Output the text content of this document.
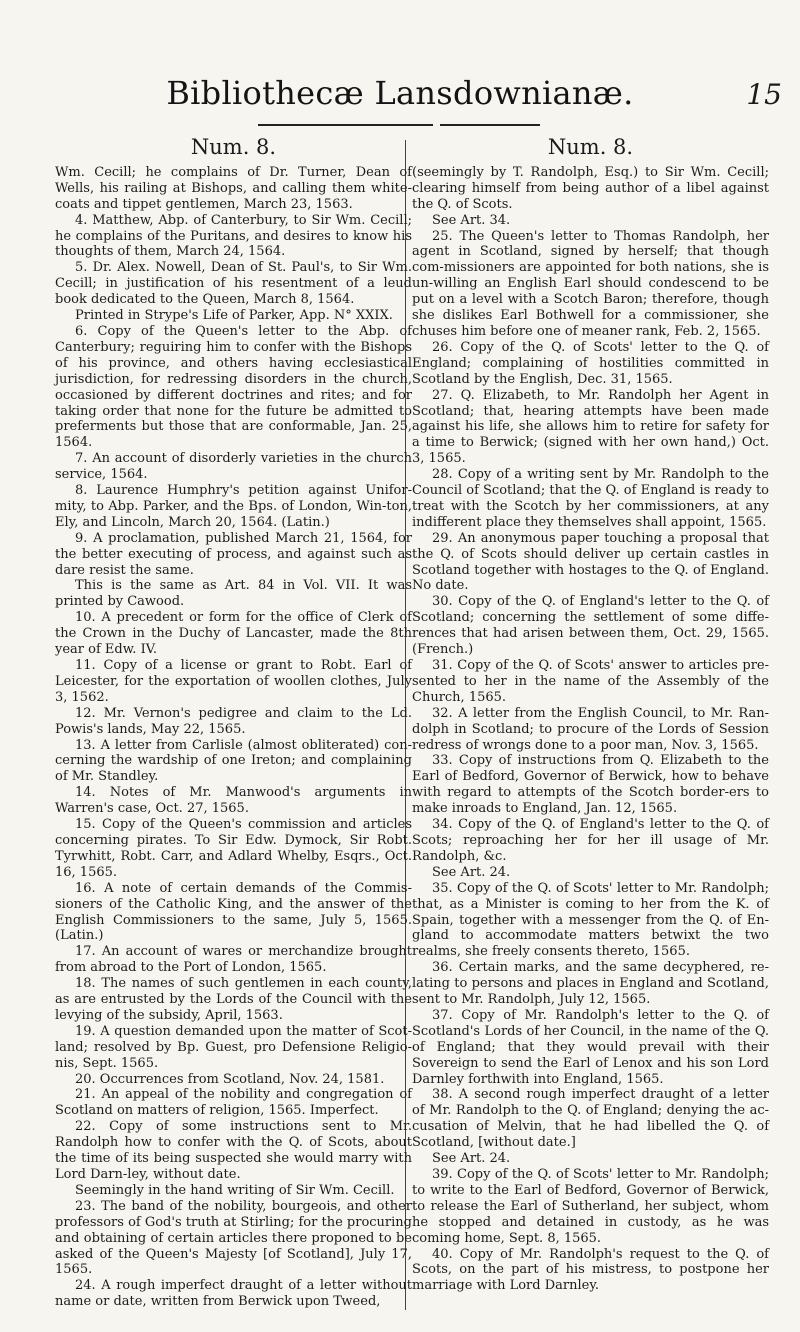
Bibliothecæ Lansdownianæ.	15
Num. 8.

Wm. Cecill; he complains of Dr. Turner, Dean of Wells, his railing at Bishops, and calling them white-coats and tippet gentlemen, March 23, 1563.

4. Matthew, Abp. of Canterbury, to Sir Wm. Cecill; he complains of the Puritans, and desires to know his thoughts of them, March 24, 1564.

5. Dr. Alex. Nowell, Dean of St. Paul's, to Sir Wm. Cecill; in justification of his resentment of a leud book dedicated to the Queen, March 8, 1564.

Printed in Strype's Life of Parker, App. N° XXIX.

6. Copy of the Queen's letter to the Abp. of Canterbury; reguiring him to confer with the Bishops of his province, and others having ecclesiastical jurisdiction, for redressing disorders in the church, occasioned by different doctrines and rites; and for taking order that none for the future be admitted to preferments but those that are conformable, Jan. 25, 1564.

7. An account of disorderly varieties in the church service, 1564.

8. Laurence Humphry's petition against Unifor-mity, to Abp. Parker, and the Bps. of London, Win-ton, Ely, and Lincoln, March 20, 1564. (Latin.)

9. A proclamation, published March 21, 1564, for the better executing of process, and against such as dare resist the same.

This is the same as Art. 84 in Vol. VII. It was printed by Cawood.

10. A precedent or form for the office of Clerk of the Crown in the Duchy of Lancaster, made the 8th year of Edw. IV.

11. Copy of a license or grant to Robt. Earl of Leicester, for the exportation of woollen clothes, July 3, 1562.

12. Mr. Vernon's pedigree and claim to the Ld. Powis's lands, May 22, 1565.

13. A letter from Carlisle (almost obliterated) con-cerning the wardship of one Ireton; and complaining of Mr. Standley.

14. Notes of Mr. Manwood's arguments in Warren's case, Oct. 27, 1565.

15. Copy of the Queen's commission and articles concerning pirates. To Sir Edw. Dymock, Sir Robt. Tyrwhitt, Robt. Carr, and Adlard Whelby, Esqrs., Oct. 16, 1565.

16. A note of certain demands of the Commis-sioners of the Catholic King, and the answer of the English Commissioners to the same, July 5, 1565. (Latin.)

17. An account of wares or merchandize brought from abroad to the Port of London, 1565.

18. The names of such gentlemen in each county, as are entrusted by the Lords of the Council with the levying of the subsidy, April, 1563.

19. A question demanded upon the matter of Scot-land; resolved by Bp. Guest, pro Defensione Religio-nis, Sept. 1565.

20. Occurrences from Scotland, Nov. 24, 1581.

21. An appeal of the nobility and congregation of Scotland on matters of religion, 1565. Imperfect.

22. Copy of some instructions sent to Mr. Randolph how to confer with the Q. of Scots, about the time of its being suspected she would marry with Lord Darn-ley, without date.

Seemingly in the hand writing of Sir Wm. Cecill.

23. The band of the nobility, bourgeois, and other professors of God's truth at Stirling; for the procuring and obtaining of certain articles there proponed to be asked of the Queen's Majesty [of Scotland], July 17, 1565.

24. A rough imperfect draught of a letter without name or date, written from Berwick upon Tweed,

Num. 8.

(seemingly by T. Randolph, Esq.) to Sir Wm. Cecill; clearing himself from being author of a libel against the Q. of Scots.

See Art. 34.

25. The Queen's letter to Thomas Randolph, her agent in Scotland, signed by herself; that though com-missioners are appointed for both nations, she is un-willing an English Earl should condescend to be put on a level with a Scotch Baron; therefore, though she dislikes Earl Bothwell for a commissioner, she chuses him before one of meaner rank, Feb. 2, 1565.

26. Copy of the Q. of Scots' letter to the Q. of England; complaining of hostilities committed in Scotland by the English, Dec. 31, 1565.

27. Q. Elizabeth, to Mr. Randolph her Agent in Scotland; that, hearing attempts have been made against his life, she allows him to retire for safety for a time to Berwick; (signed with her own hand,) Oct. 3, 1565.

28. Copy of a writing sent by Mr. Randolph to the Council of Scotland; that the Q. of England is ready to treat with the Scotch by her commissioners, at any indifferent place they themselves shall appoint, 1565.

29. An anonymous paper touching a proposal that the Q. of Scots should deliver up certain castles in Scotland together with hostages to the Q. of England. No date.

30. Copy of the Q. of England's letter to the Q. of Scotland; concerning the settlement of some diffe-rences that had arisen between them, Oct. 29, 1565. (French.)

31. Copy of the Q. of Scots' answer to articles pre-sented to her in the name of the Assembly of the Church, 1565.

32. A letter from the English Council, to Mr. Ran-dolph in Scotland; to procure of the Lords of Session redress of wrongs done to a poor man, Nov. 3, 1565.

33. Copy of instructions from Q. Elizabeth to the Earl of Bedford, Governor of Berwick, how to behave with regard to attempts of the Scotch border-ers to make inroads to England, Jan. 12, 1565.

34. Copy of the Q. of England's letter to the Q. of Scots; reproaching her for her ill usage of Mr. Randolph, &c.

See Art. 24.

35. Copy of the Q. of Scots' letter to Mr. Randolph; that, as a Minister is coming to her from the K. of Spain, together with a messenger from the Q. of En-gland to accommodate matters betwixt the two realms, she freely consents thereto, 1565.

36. Certain marks, and the same decyphered, re-lating to persons and places in England and Scotland, sent to Mr. Randolph, July 12, 1565.

37. Copy of Mr. Randolph's letter to the Q. of Scotland's Lords of her Council, in the name of the Q. of England; that they would prevail with their Sovereign to send the Earl of Lenox and his son Lord Darnley forthwith into England, 1565.

38. A second rough imperfect draught of a letter of Mr. Randolph to the Q. of England; denying the ac-cusation of Melvin, that he had libelled the Q. of Scotland, [without date.]

See Art. 24.

39. Copy of the Q. of Scots' letter to Mr. Randolph; to write to the Earl of Bedford, Governor of Berwick, to release the Earl of Sutherland, her subject, whom he stopped and detained in custody, as he was coming home, Sept. 8, 1565.

40. Copy of Mr. Randolph's request to the Q. of Scots, on the part of his mistress, to postpone her marriage with Lord Darnley.
